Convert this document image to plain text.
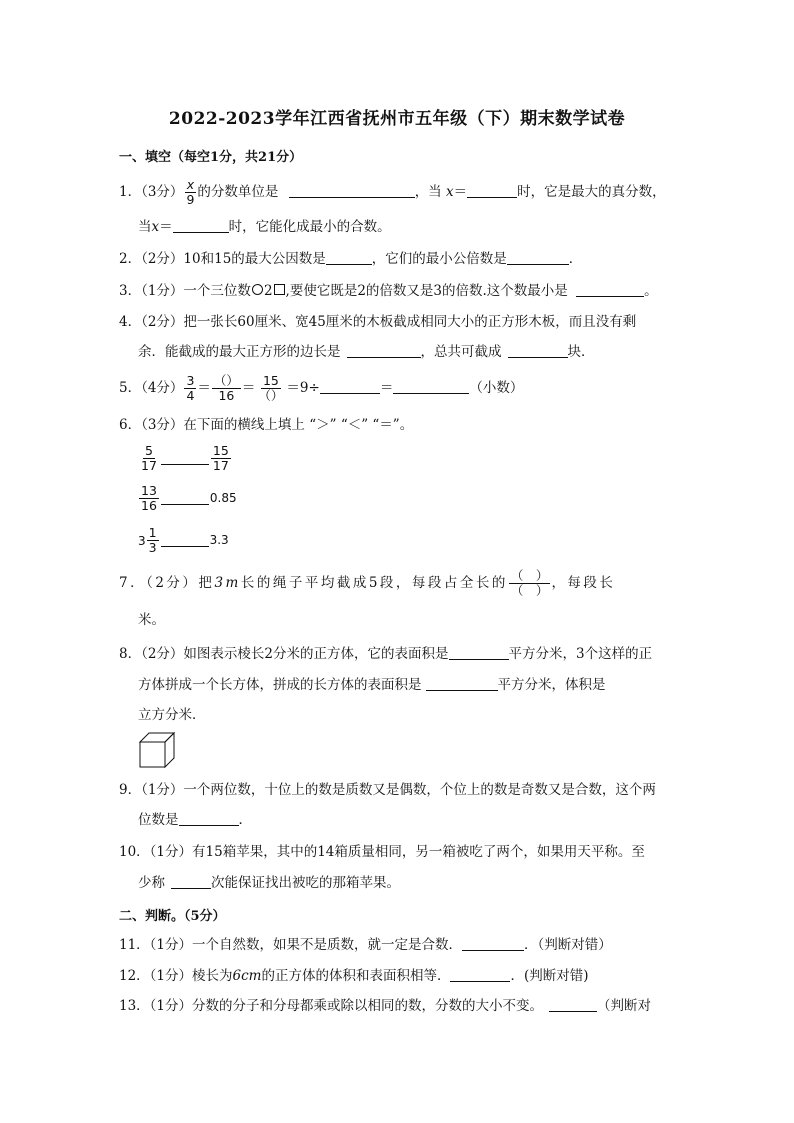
2022-2023学年江西省抚州市五年级（下）期末数学试卷
一、填空（每空1分，共21分）
1．（3分） $\frac{x}{9}$ 的分数单位是	，当 x＝	时，它是最大的真分数，
当x＝	时，它能化成最小的合数。
2．（2分）10和15的最大公因数是	，它们的最小公倍数是	．
3．（1分）一个三位数 2 ,要使它既是2的倍数又是3的倍数.这个数最小是	。
4．（2分）把一张长60厘米、宽45厘米的木板截成相同大小的正方形木板，而且没有剩
余．能截成的最大正方形的边长是	，总共可截成	块．
5．（4分） $\frac{3}{4} = \frac{()}{16} = \frac{15}{()} =9\div$	＝	（小数）
6．（3分）在下面的横线上填上 “＞” “＜” “＝”。
$\frac{5}{17}$	$\frac{15}{17}$
$\frac{13}{16}$	0.85
$3 \frac{1}{3}$	3.3
7．（2分）把3m长的绳子平均截成5段，每段占全长的 $\frac{( )}{( )}$ ，每段长
米。
8．（2分）如图表示棱长2分米的正方体，它的表面积是	平方分米，3个这样的正
方体拼成一个长方体，拼成的长方体的表面积是	平方分米，体积是
立方分米．
9．（1分）一个两位数，十位上的数是质数又是偶数，个位上的数是奇数又是合数，这个两
位数是	．
10．（1分）有15箱苹果，其中的14箱质量相同，另一箱被吃了两个，如果用天平称。至
少称	次能保证找出被吃的那箱苹果。
二、判断。（5分）
11．（1分）一个自然数，如果不是质数，就一定是合数．	．（判断对错）
12．（1分）棱长为6cm的正方体的体积和表面积相等．	．(判断对错)
13．（1分）分数的分子和分母都乘或除以相同的数，分数的大小不变。	（判断对
